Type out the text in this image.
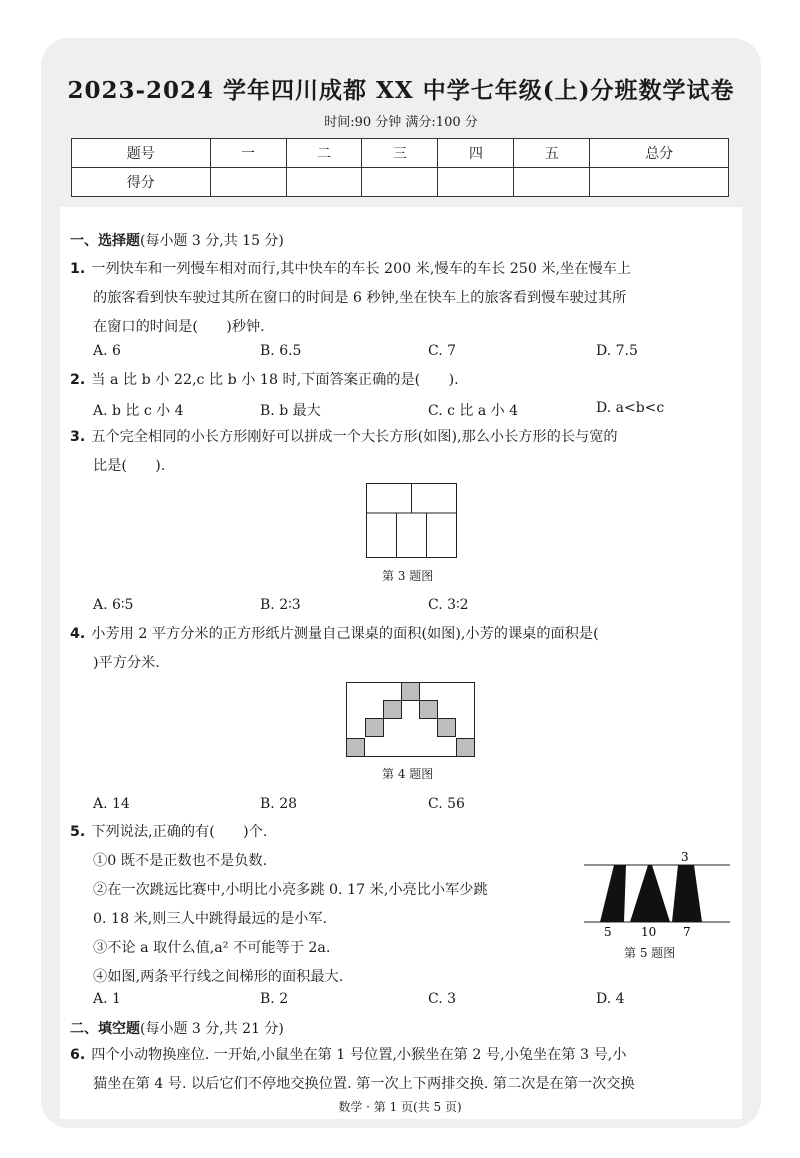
2023-2024 学年四川成都 XX 中学七年级(上)分班数学试卷
时间:90 分钟 满分:100 分
题号	一	二	三	四	五	总分
得分						
一、选择题(每小题 3 分,共 15 分)
1. 一列快车和一列慢车相对而行,其中快车的车长 200 米,慢车的车长 250 米,坐在慢车上
的旅客看到快车驶过其所在窗口的时间是 6 秒钟,坐在快车上的旅客看到慢车驶过其所
在窗口的时间是(　　)秒钟.
A. 6	B. 6.5	C. 7	D. 7.5
2. 当 a 比 b 小 22,c 比 b 小 18 时,下面答案正确的是(　　).
A. b 比 c 小 4	B. b 最大	C. c 比 a 小 4	D. a<b<c
3. 五个完全相同的小长方形刚好可以拼成一个大长方形(如图),那么小长方形的长与宽的
比是(　　).
第 3 题图
A. 6∶5	B. 2∶3	C. 3∶2
4. 小芳用 2 平方分米的正方形纸片测量自己课桌的面积(如图),小芳的课桌的面积是(
)平方分米.
第 4 题图
A. 14	B. 28	C. 56
5. 下列说法,正确的有(　　)个.
①0 既不是正数也不是负数.
②在一次跳远比赛中,小明比小亮多跳 0. 17 米,小亮比小军少跳
0. 18 米,则三人中跳得最远的是小军.
③不论 a 取什么值,a² 不可能等于 2a.
④如图,两条平行线之间梯形的面积最大.
3
5 10 7
第 5 题图
A. 1	B. 2	C. 3	D. 4
二、填空题(每小题 3 分,共 21 分)
6. 四个小动物换座位. 一开始,小鼠坐在第 1 号位置,小猴坐在第 2 号,小兔坐在第 3 号,小
猫坐在第 4 号. 以后它们不停地交换位置. 第一次上下两排交换. 第二次是在第一次交换
数学 · 第 1 页(共 5 页)
